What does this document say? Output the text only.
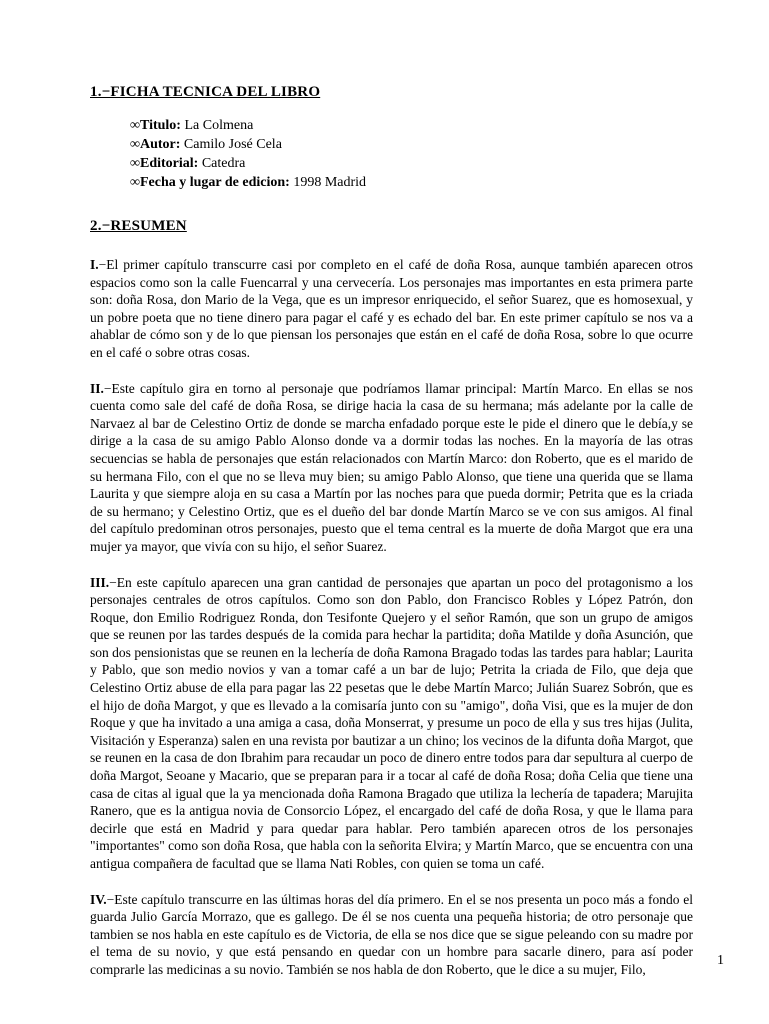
1.−FICHA TECNICA DEL LIBRO
∞Titulo: La Colmena
∞Autor: Camilo José Cela
∞Editorial: Catedra
∞Fecha y lugar de edicion: 1998 Madrid
2.−RESUMEN

I.−El primer capítulo transcurre casi por completo en el café de doña Rosa, aunque también aparecen otros espacios como son la calle Fuencarral y una cervecería. Los personajes mas importantes en esta primera parte son: doña Rosa, don Mario de la Vega, que es un impresor enriquecido, el señor Suarez, que es homosexual, y un pobre poeta que no tiene dinero para pagar el café y es echado del bar. En este primer capítulo se nos va a ahablar de cómo son y de lo que piensan los personajes que están en el café de doña Rosa, sobre lo que ocurre en el café o sobre otras cosas.

II.−Este capítulo gira en torno al personaje que podríamos llamar principal: Martín Marco. En ellas se nos cuenta como sale del café de doña Rosa, se dirige hacia la casa de su hermana; más adelante por la calle de Narvaez al bar de Celestino Ortiz de donde se marcha enfadado porque este le pide el dinero que le debía,y se dirige a la casa de su amigo Pablo Alonso donde va a dormir todas las noches. En la mayoría de las otras secuencias se habla de personajes que están relacionados con Martín Marco: don Roberto, que es el marido de su hermana Filo, con el que no se lleva muy bien; su amigo Pablo Alonso, que tiene una querida que se llama Laurita y que siempre aloja en su casa a Martín por las noches para que pueda dormir; Petrita que es la criada de su hermano; y Celestino Ortiz, que es el dueño del bar donde Martín Marco se ve con sus amigos. Al final del capítulo predominan otros personajes, puesto que el tema central es la muerte de doña Margot que era una mujer ya mayor, que vivía con su hijo, el señor Suarez.

III.−En este capítulo aparecen una gran cantidad de personajes que apartan un poco del protagonismo a los personajes centrales de otros capítulos. Como son don Pablo, don Francisco Robles y López Patrón, don Roque, don Emilio Rodriguez Ronda, don Tesifonte Quejero y el señor Ramón, que son un grupo de amigos que se reunen por las tardes después de la comida para hechar la partidita; doña Matilde y doña Asunción, que son dos pensionistas que se reunen en la lechería de doña Ramona Bragado todas las tardes para hablar; Laurita y Pablo, que son medio novios y van a tomar café a un bar de lujo; Petrita la criada de Filo, que deja que Celestino Ortiz abuse de ella para pagar las 22 pesetas que le debe Martín Marco; Julián Suarez Sobrón, que es el hijo de doña Margot, y que es llevado a la comisaría junto con su "amigo", doña Visi, que es la mujer de don Roque y que ha invitado a una amiga a casa, doña Monserrat, y presume un poco de ella y sus tres hijas (Julita, Visitación y Esperanza) salen en una revista por bautizar a un chino; los vecinos de la difunta doña Margot, que se reunen en la casa de don Ibrahim para recaudar un poco de dinero entre todos para dar sepultura al cuerpo de doña Margot, Seoane y Macario, que se preparan para ir a tocar al café de doña Rosa; doña Celia que tiene una casa de citas al igual que la ya mencionada doña Ramona Bragado que utiliza la lechería de tapadera; Marujita Ranero, que es la antigua novia de Consorcio López, el encargado del café de doña Rosa, y que le llama para decirle que está en Madrid y para quedar para hablar. Pero también aparecen otros de los personajes "importantes" como son doña Rosa, que habla con la señorita Elvira; y Martín Marco, que se encuentra con una antigua compañera de facultad que se llama Nati Robles, con quien se toma un café.

IV.−Este capítulo transcurre en las últimas horas del día primero. En el se nos presenta un poco más a fondo el guarda Julio García Morrazo, que es gallego. De él se nos cuenta una pequeña historia; de otro personaje que tambien se nos habla en este capítulo es de Victoria, de ella se nos dice que se sigue peleando con su madre por el tema de su novio, y que está pensando en quedar con un hombre para sacarle dinero, para así poder comprarle las medicinas a su novio. También se nos habla de don Roberto, que le dice a su mujer, Filo,

1
